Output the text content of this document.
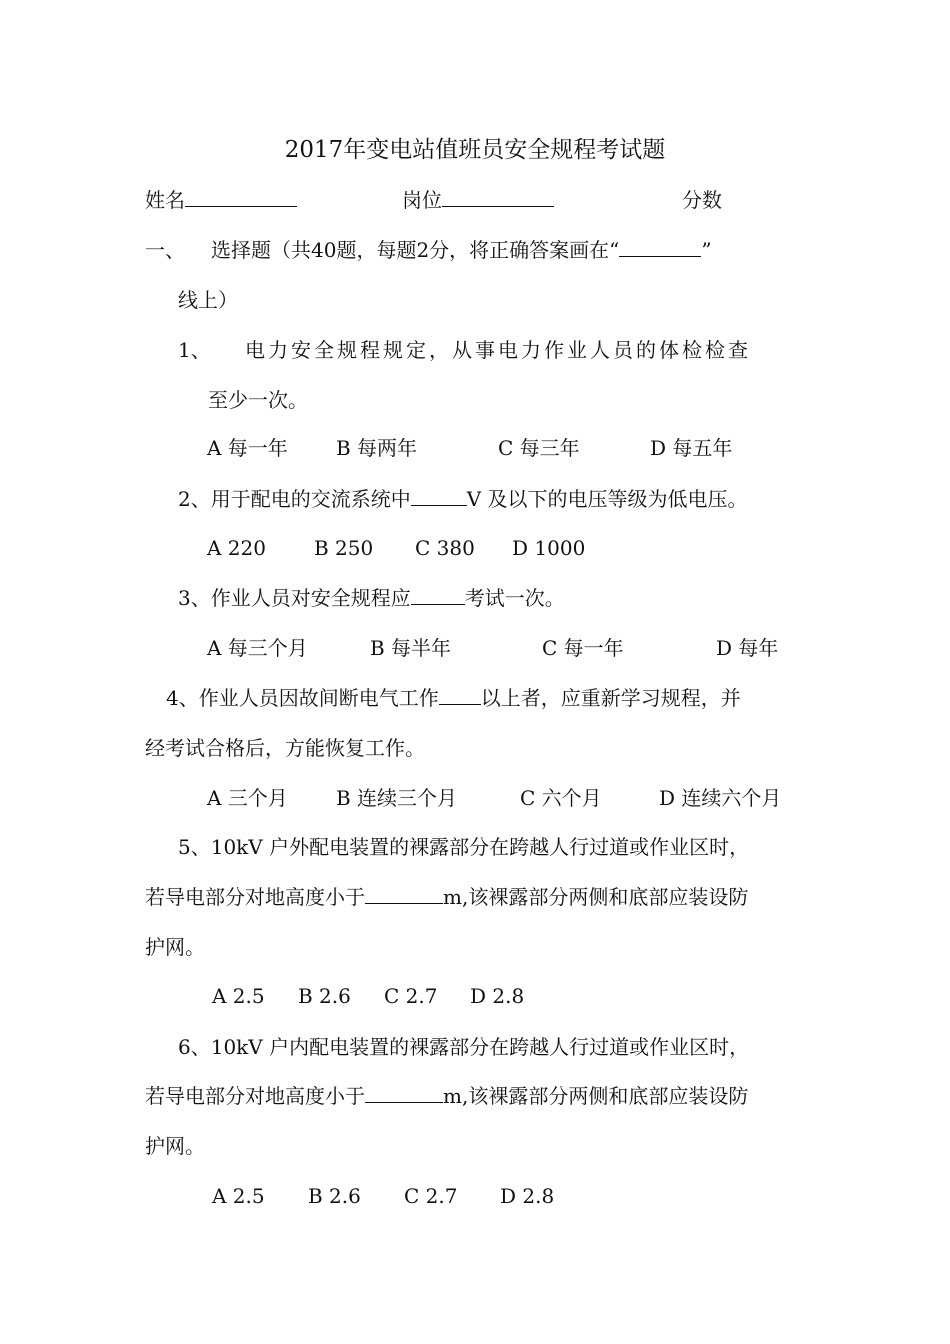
2017年变电站值班员安全规程考试题
姓名	岗位	分数
一、 选择题（共40题，每题2分，将正确答案画在“	”
线上）
1、 电力安全规程规定，从事电力作业人员的体检检查
至少一次。
A 每一年 B 每两年	C 每三年	D 每五年
2、用于配电的交流系统中	V 及以下的电压等级为低电压。
A 220 B 250 C 380 D 1000
3、作业人员对安全规程应	考试一次。
A 每三个月	B 每半年	C 每一年	D 每年
4、作业人员因故间断电气工作 以上者，应重新学习规程，并
经考试合格后，方能恢复工作。
A 三个月 B 连续三个月	C 六个月	D 连续六个月
5、10kV 户外配电装置的裸露部分在跨越人行过道或作业区时，
若导电部分对地高度小于	m,该裸露部分两侧和底部应装设防
护网。
A 2.5 B 2.6 C 2.7 D 2.8
6、10kV 户内配电装置的裸露部分在跨越人行过道或作业区时，
若导电部分对地高度小于	m,该裸露部分两侧和底部应装设防
护网。
A 2.5 B 2.6 C 2.7 D 2.8
